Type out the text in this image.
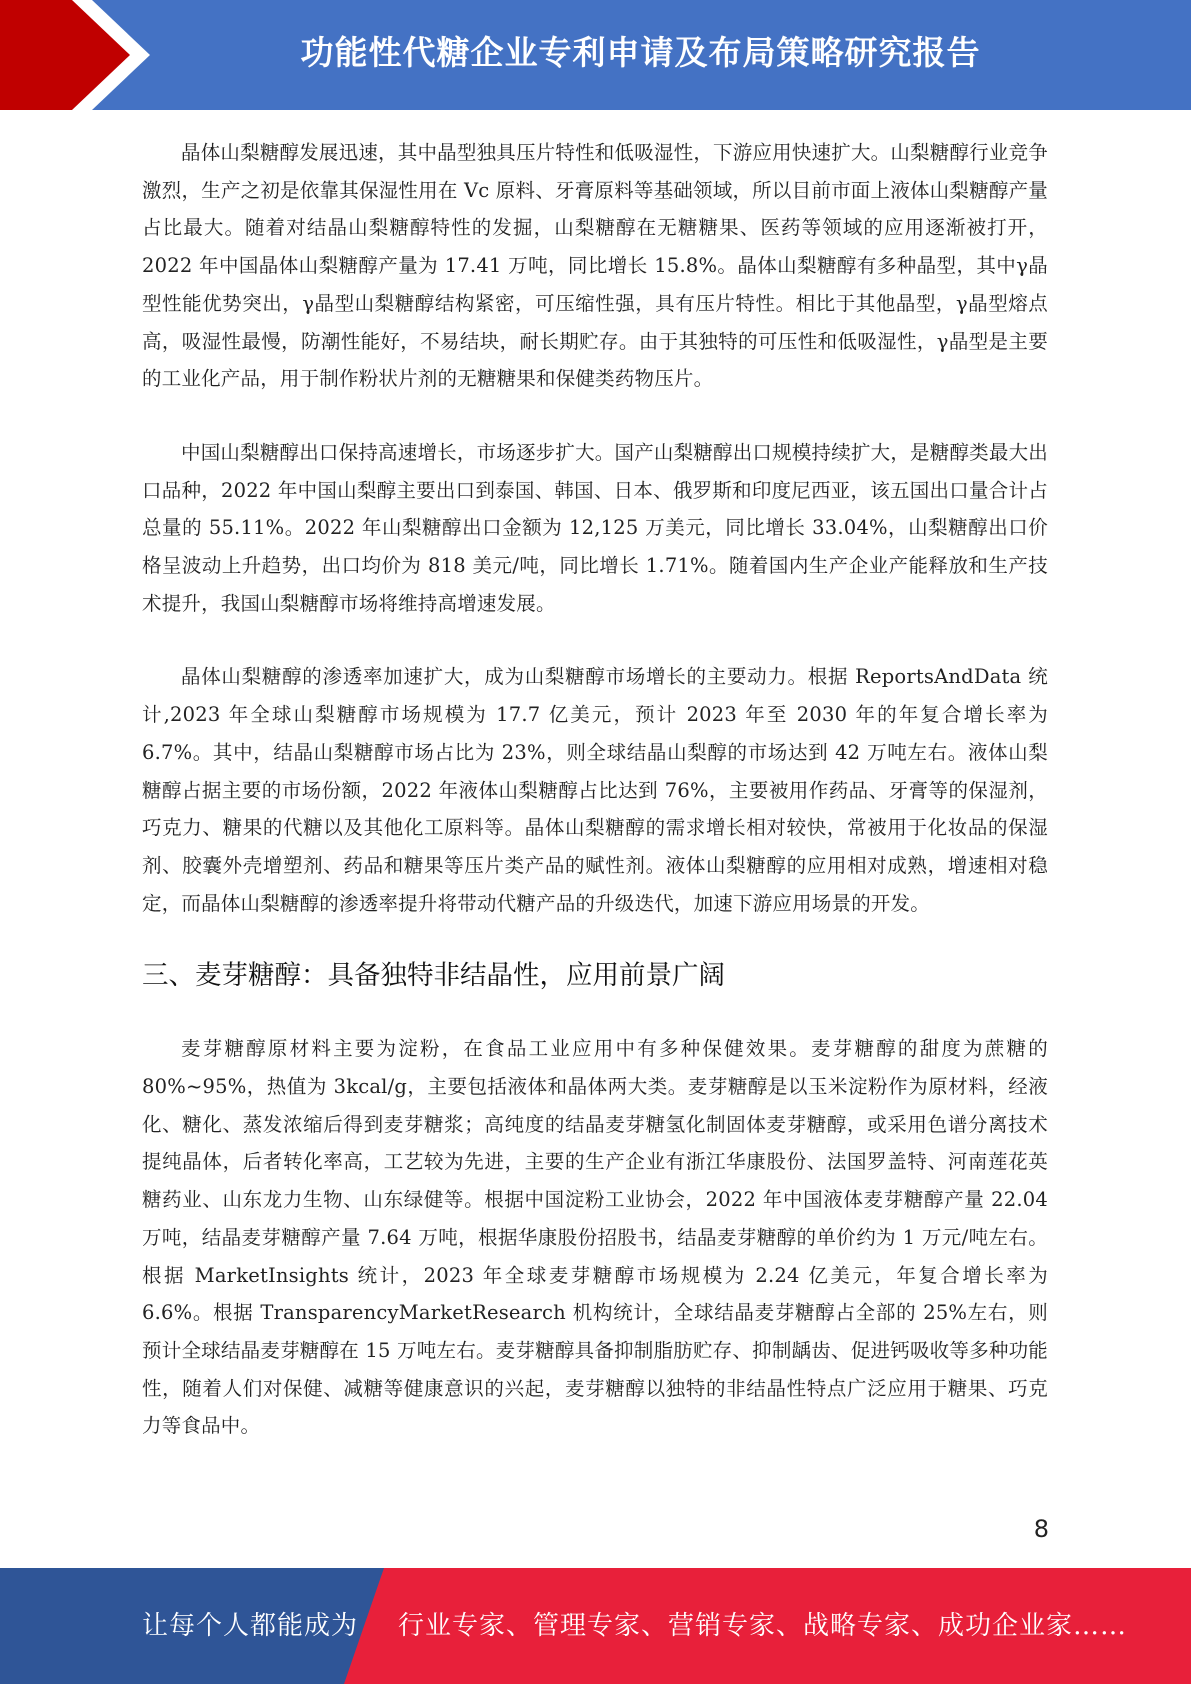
功能性代糖企业专利申请及布局策略研究报告

晶体山梨糖醇发展迅速，其中晶型独具压片特性和低吸湿性，下游应用快速扩大。山梨糖醇行业竞争激烈，生产之初是依靠其保湿性用在 Vc 原料、牙膏原料等基础领域，所以目前市面上液体山梨糖醇产量占比最大。随着对结晶山梨糖醇特性的发掘，山梨糖醇在无糖糖果、医药等领域的应用逐渐被打开，2022 年中国晶体山梨糖醇产量为 17.41 万吨，同比增长 15.8%。晶体山梨糖醇有多种晶型，其中γ晶型性能优势突出，γ晶型山梨糖醇结构紧密，可压缩性强，具有压片特性。相比于其他晶型，γ晶型熔点高，吸湿性最慢，防潮性能好，不易结块，耐长期贮存。由于其独特的可压性和低吸湿性，γ晶型是主要的工业化产品，用于制作粉状片剂的无糖糖果和保健类药物压片。

中国山梨糖醇出口保持高速增长，市场逐步扩大。国产山梨糖醇出口规模持续扩大，是糖醇类最大出口品种，2022 年中国山梨醇主要出口到泰国、韩国、日本、俄罗斯和印度尼西亚，该五国出口量合计占总量的 55.11%。2022 年山梨糖醇出口金额为 12,125 万美元，同比增长 33.04%，山梨糖醇出口价格呈波动上升趋势，出口均价为 818 美元/吨，同比增长 1.71%。随着国内生产企业产能释放和生产技术提升，我国山梨糖醇市场将维持高增速发展。

晶体山梨糖醇的渗透率加速扩大，成为山梨糖醇市场增长的主要动力。根据 ReportsAndData 统计,2023 年全球山梨糖醇市场规模为 17.7 亿美元，预计 2023 年至 2030 年的年复合增长率为 6.7%。其中，结晶山梨糖醇市场占比为 23%，则全球结晶山梨醇的市场达到 42 万吨左右。液体山梨糖醇占据主要的市场份额，2022 年液体山梨糖醇占比达到 76%，主要被用作药品、牙膏等的保湿剂，巧克力、糖果的代糖以及其他化工原料等。晶体山梨糖醇的需求增长相对较快，常被用于化妆品的保湿剂、胶囊外壳增塑剂、药品和糖果等压片类产品的赋性剂。液体山梨糖醇的应用相对成熟，增速相对稳定，而晶体山梨糖醇的渗透率提升将带动代糖产品的升级迭代，加速下游应用场景的开发。

三、麦芽糖醇：具备独特非结晶性，应用前景广阔

麦芽糖醇原材料主要为淀粉，在食品工业应用中有多种保健效果。麦芽糖醇的甜度为蔗糖的 80%~95%，热值为 3kcal/g，主要包括液体和晶体两大类。麦芽糖醇是以玉米淀粉作为原材料，经液化、糖化、蒸发浓缩后得到麦芽糖浆；高纯度的结晶麦芽糖氢化制固体麦芽糖醇，或采用色谱分离技术提纯晶体，后者转化率高，工艺较为先进，主要的生产企业有浙江华康股份、法国罗盖特、河南莲花英糖药业、山东龙力生物、山东绿健等。根据中国淀粉工业协会，2022 年中国液体麦芽糖醇产量 22.04 万吨，结晶麦芽糖醇产量 7.64 万吨，根据华康股份招股书，结晶麦芽糖醇的单价约为 1 万元/吨左右。根据 MarketInsights 统计，2023 年全球麦芽糖醇市场规模为 2.24 亿美元，年复合增长率为 6.6%。根据 TransparencyMarketResearch 机构统计，全球结晶麦芽糖醇占全部的 25%左右，则预计全球结晶麦芽糖醇在 15 万吨左右。麦芽糖醇具备抑制脂肪贮存、抑制龋齿、促进钙吸收等多种功能性，随着人们对保健、减糖等健康意识的兴起，麦芽糖醇以独特的非结晶性特点广泛应用于糖果、巧克力等食品中。

8
让每个人都能成为 行业专家、管理专家、营销专家、战略专家、成功企业家……
